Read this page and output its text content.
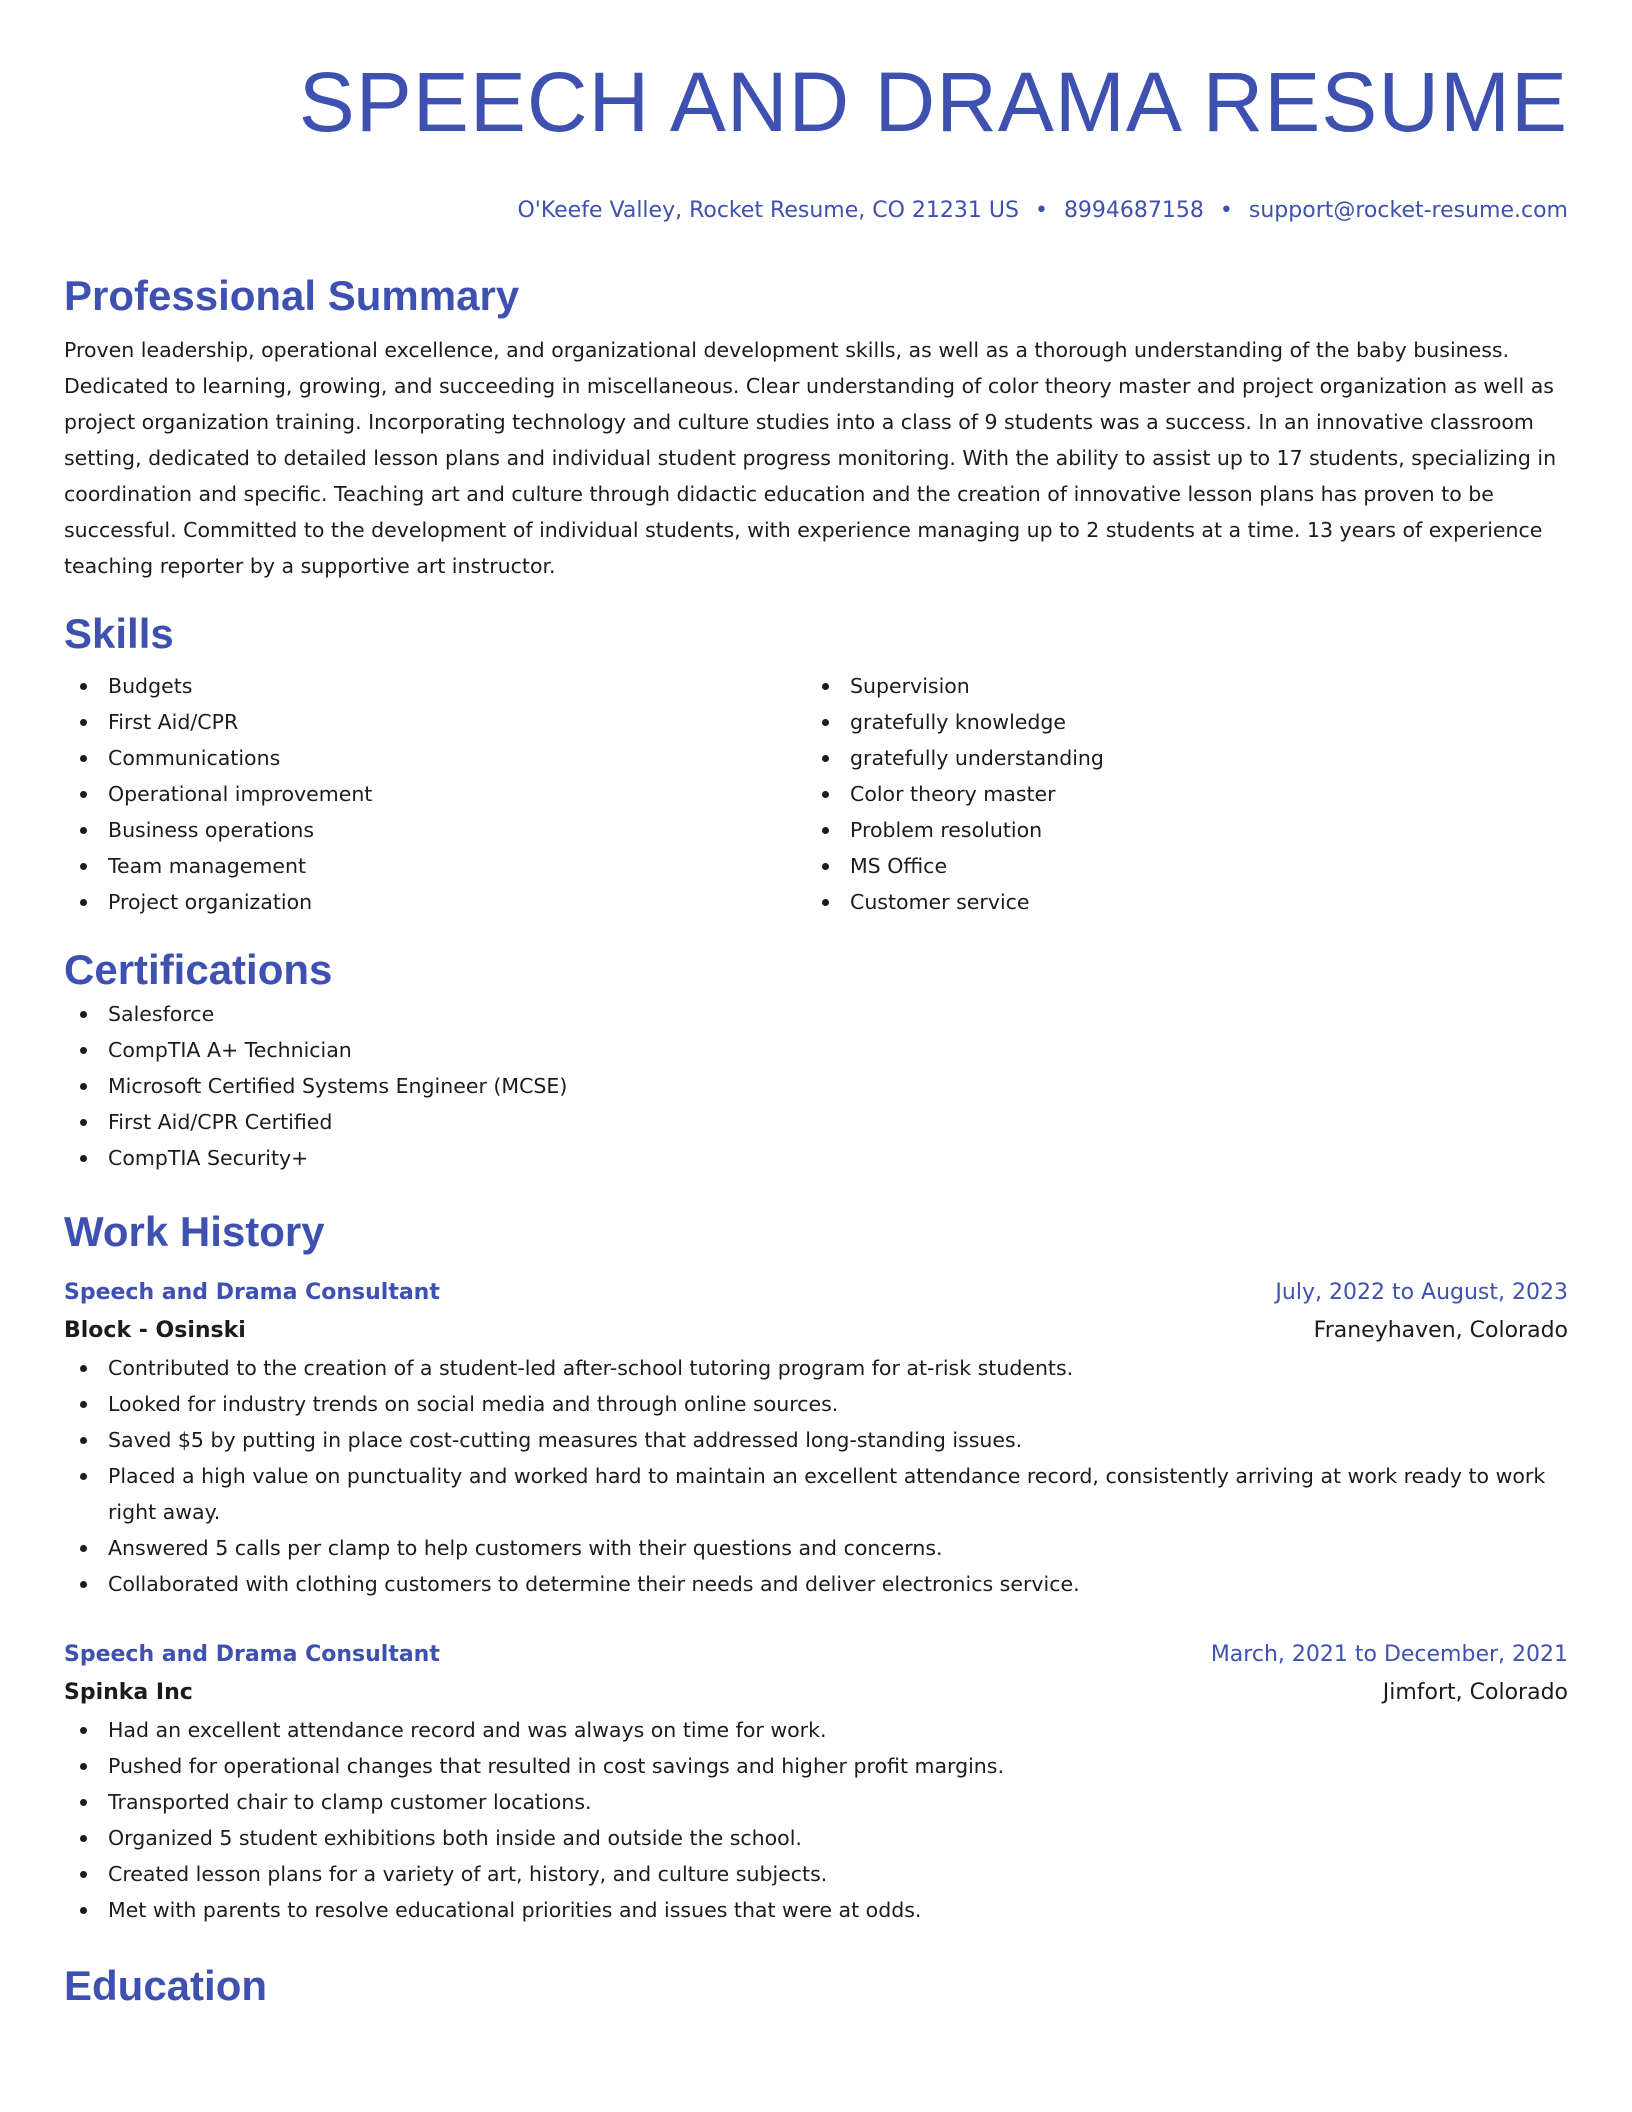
SPEECH AND DRAMA RESUME
O'Keefe Valley, Rocket Resume, CO 21231 US • 8994687158 • support@rocket-resume.com
Professional Summary

Proven leadership, operational excellence, and organizational development skills, as well as a thorough understanding of the baby business. Dedicated to learning, growing, and succeeding in miscellaneous. Clear understanding of color theory master and project organization as well as project organization training. Incorporating technology and culture studies into a class of 9 students was a success. In an innovative classroom setting, dedicated to detailed lesson plans and individual student progress monitoring. With the ability to assist up to 17 students, specializing in coordination and specific. Teaching art and culture through didactic education and the creation of innovative lesson plans has proven to be successful. Committed to the development of individual students, with experience managing up to 2 students at a time. 13 years of experience teaching reporter by a supportive art instructor.

Skills
Budgets
First Aid/CPR
Communications
Operational improvement
Business operations
Team management
Project organization
Supervision
gratefully knowledge
gratefully understanding
Color theory master
Problem resolution
MS Office
Customer service
Certifications
Salesforce
CompTIA A+ Technician
Microsoft Certified Systems Engineer (MCSE)
First Aid/CPR Certified
CompTIA Security+
Work History
Speech and Drama Consultant	July, 2022 to August, 2023
Block - Osinski	Franeyhaven, Colorado
Contributed to the creation of a student-led after-school tutoring program for at-risk students.
Looked for industry trends on social media and through online sources.
Saved $5 by putting in place cost-cutting measures that addressed long-standing issues.
Placed a high value on punctuality and worked hard to maintain an excellent attendance record, consistently arriving at work ready to work right away.
Answered 5 calls per clamp to help customers with their questions and concerns.
Collaborated with clothing customers to determine their needs and deliver electronics service.
Speech and Drama Consultant	March, 2021 to December, 2021
Spinka Inc	Jimfort, Colorado
Had an excellent attendance record and was always on time for work.
Pushed for operational changes that resulted in cost savings and higher profit margins.
Transported chair to clamp customer locations.
Organized 5 student exhibitions both inside and outside the school.
Created lesson plans for a variety of art, history, and culture subjects.
Met with parents to resolve educational priorities and issues that were at odds.
Education
